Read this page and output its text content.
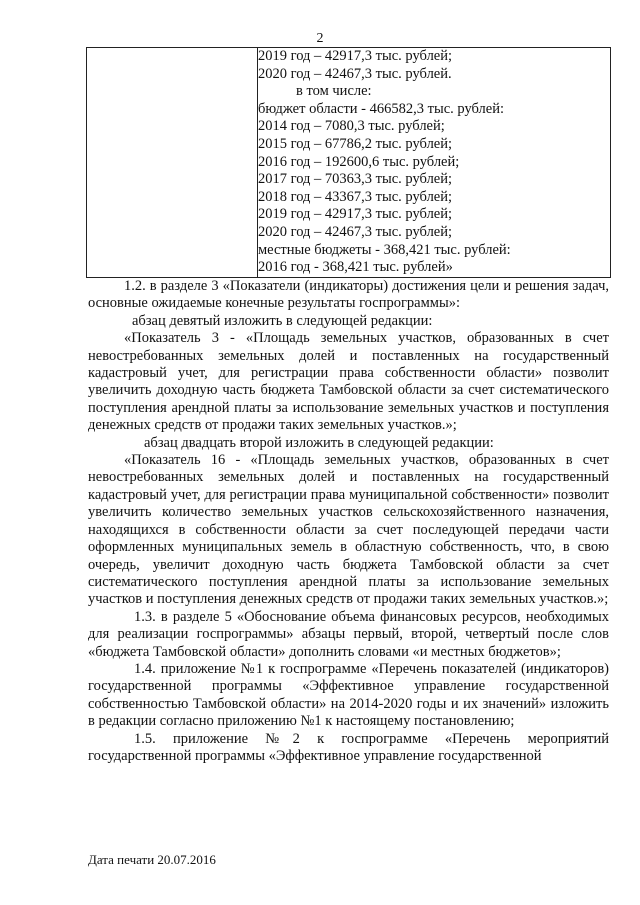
2

2019 год – 42917,3 тыс. рублей;
2020 год – 42467,3 тыс. рублей.
в том числе:
бюджет области - 466582,3 тыс. рублей:
2014 год – 7080,3 тыс. рублей;
2015 год – 67786,2 тыс. рублей;
2016 год – 192600,6 тыс. рублей;
2017 год – 70363,3 тыс. рублей;
2018 год – 43367,3 тыс. рублей;
2019 год – 42917,3 тыс. рублей;
2020 год – 42467,3 тыс. рублей;
местные бюджеты - 368,421 тыс. рублей:
2016 год - 368,421 тыс. рублей»

1.2. в разделе 3 «Показатели (индикаторы) достижения цели и решения задач, основные ожидаемые конечные результаты госпрограммы»:

абзац девятый изложить в следующей редакции:

«Показатель 3 - «Площадь земельных участков, образованных в счет невостребованных земельных долей и поставленных на государственный кадастровый учет, для регистрации права собственности области» позволит увеличить доходную часть бюджета Тамбовской области за счет систематического поступления арендной платы за использование земельных участков и поступления денежных средств от продажи таких земельных участков.»;

абзац двадцать второй изложить в следующей редакции:

«Показатель 16 - «Площадь земельных участков, образованных в счет невостребованных земельных долей и поставленных на государственный кадастровый учет, для регистрации права муниципальной собственности» позволит увеличить количество земельных участков сельскохозяйственного назначения, находящихся в собственности области за счет последующей передачи части оформленных муниципальных земель в областную собственность, что, в свою очередь, увеличит доходную часть бюджета Тамбовской области за счет систематического поступления арендной платы за использование земельных участков и поступления денежных средств от продажи таких земельных участков.»;

1.3. в разделе 5 «Обоснование объема финансовых ресурсов, необходимых для реализации госпрограммы» абзацы первый, второй, четвертый после слов «бюджета Тамбовской области» дополнить словами «и местных бюджетов»;

1.4. приложение №1 к госпрограмме «Перечень показателей (индикаторов) государственной программы «Эффективное управление государственной собственностью Тамбовской области» на 2014-2020 годы и их значений» изложить в редакции согласно приложению №1 к настоящему постановлению;

1.5. приложение №2 к госпрограмме «Перечень мероприятий государственной программы «Эффективное управление государственной

Дата печати 20.07.2016
